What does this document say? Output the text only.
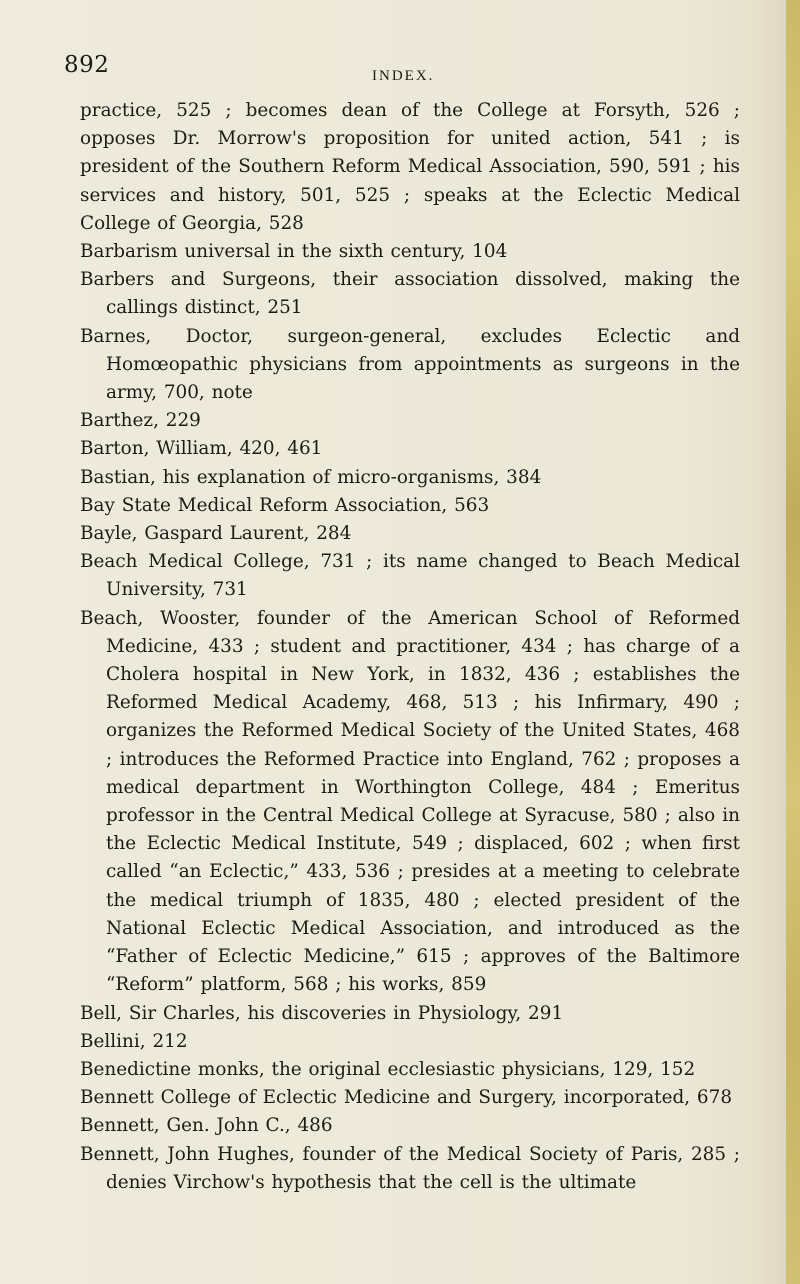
892	INDEX.
practice, 525 ; becomes dean of the College at Forsyth, 526 ; opposes Dr. Morrow's proposition for united action, 541 ; is president of the Southern Reform Medical Association, 590, 591 ; his services and history, 501, 525 ; speaks at the Eclectic Medical College of Georgia, 528
Barbarism universal in the sixth century, 104
Barbers and Surgeons, their association dissolved, making the callings distinct, 251
Barnes, Doctor, surgeon-general, excludes Eclectic and Homœopathic physicians from appointments as surgeons in the army, 700, note
Barthez, 229
Barton, William, 420, 461
Bastian, his explanation of micro-organisms, 384
Bay State Medical Reform Association, 563
Bayle, Gaspard Laurent, 284
Beach Medical College, 731 ; its name changed to Beach Medical University, 731
Beach, Wooster, founder of the American School of Reformed Medicine, 433 ; student and practitioner, 434 ; has charge of a Cholera hospital in New York, in 1832, 436 ; establishes the Reformed Medical Academy, 468, 513 ; his Infirmary, 490 ; organizes the Reformed Medical Society of the United States, 468 ; introduces the Reformed Practice into England, 762 ; proposes a medical department in Worthington College, 484 ; Emeritus professor in the Central Medical College at Syracuse, 580 ; also in the Eclectic Medical Institute, 549 ; displaced, 602 ; when first called “an Eclectic,” 433, 536 ; presides at a meeting to celebrate the medical triumph of 1835, 480 ; elected president of the National Eclectic Medical Association, and introduced as the “Father of Eclectic Medicine,” 615 ; approves of the Baltimore “Reform” platform, 568 ; his works, 859
Bell, Sir Charles, his discoveries in Physiology, 291
Bellini, 212
Benedictine monks, the original ecclesiastic physicians, 129, 152
Bennett College of Eclectic Medicine and Surgery, incorporated, 678
Bennett, Gen. John C., 486
Bennett, John Hughes, founder of the Medical Society of Paris, 285 ; denies Virchow's hypothesis that the cell is the ultimate
